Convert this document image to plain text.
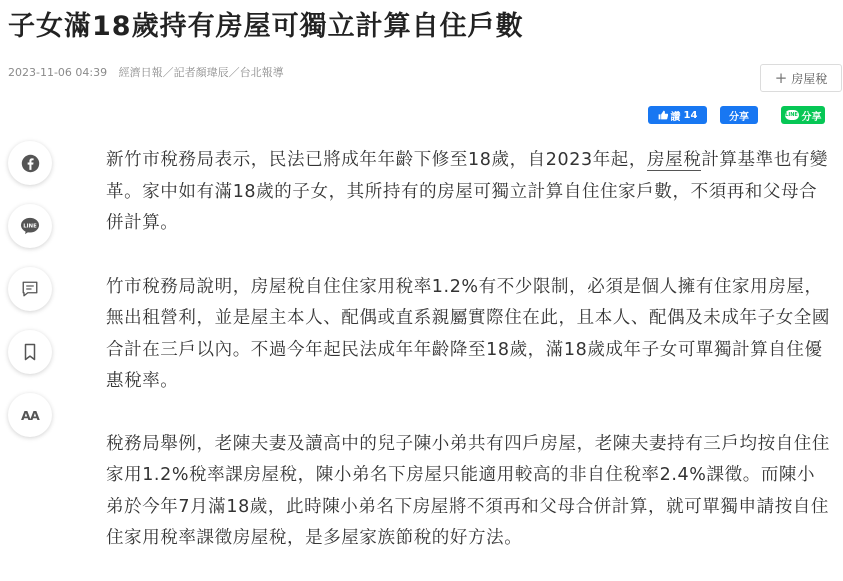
子女滿18歲持有房屋可獨立計算自住戶數
2023-11-06 04:39 經濟日報／記者顏瑋辰／台北報導	+ 房屋稅
讚 14	分享	LINE 分享
LINE
AA

新竹市稅務局表示，民法已將成年年齡下修至18歲，自2023年起，房屋稅計算基準也有變革。家中如有滿18歲的子女，其所持有的房屋可獨立計算自住住家戶數，不須再和父母合併計算。

竹市稅務局說明，房屋稅自住住家用稅率1.2%有不少限制，必須是個人擁有住家用房屋，無出租營利，並是屋主本人、配偶或直系親屬實際住在此，且本人、配偶及未成年子女全國合計在三戶以內。不過今年起民法成年年齡降至18歲，滿18歲成年子女可單獨計算自住優惠稅率。

稅務局舉例，老陳夫妻及讀高中的兒子陳小弟共有四戶房屋，老陳夫妻持有三戶均按自住住家用1.2%稅率課房屋稅，陳小弟名下房屋只能適用較高的非自住稅率2.4%課徵。而陳小弟於今年7月滿18歲，此時陳小弟名下房屋將不須再和父母合併計算，就可單獨申請按自住住家用稅率課徵房屋稅，是多屋家族節稅的好方法。
